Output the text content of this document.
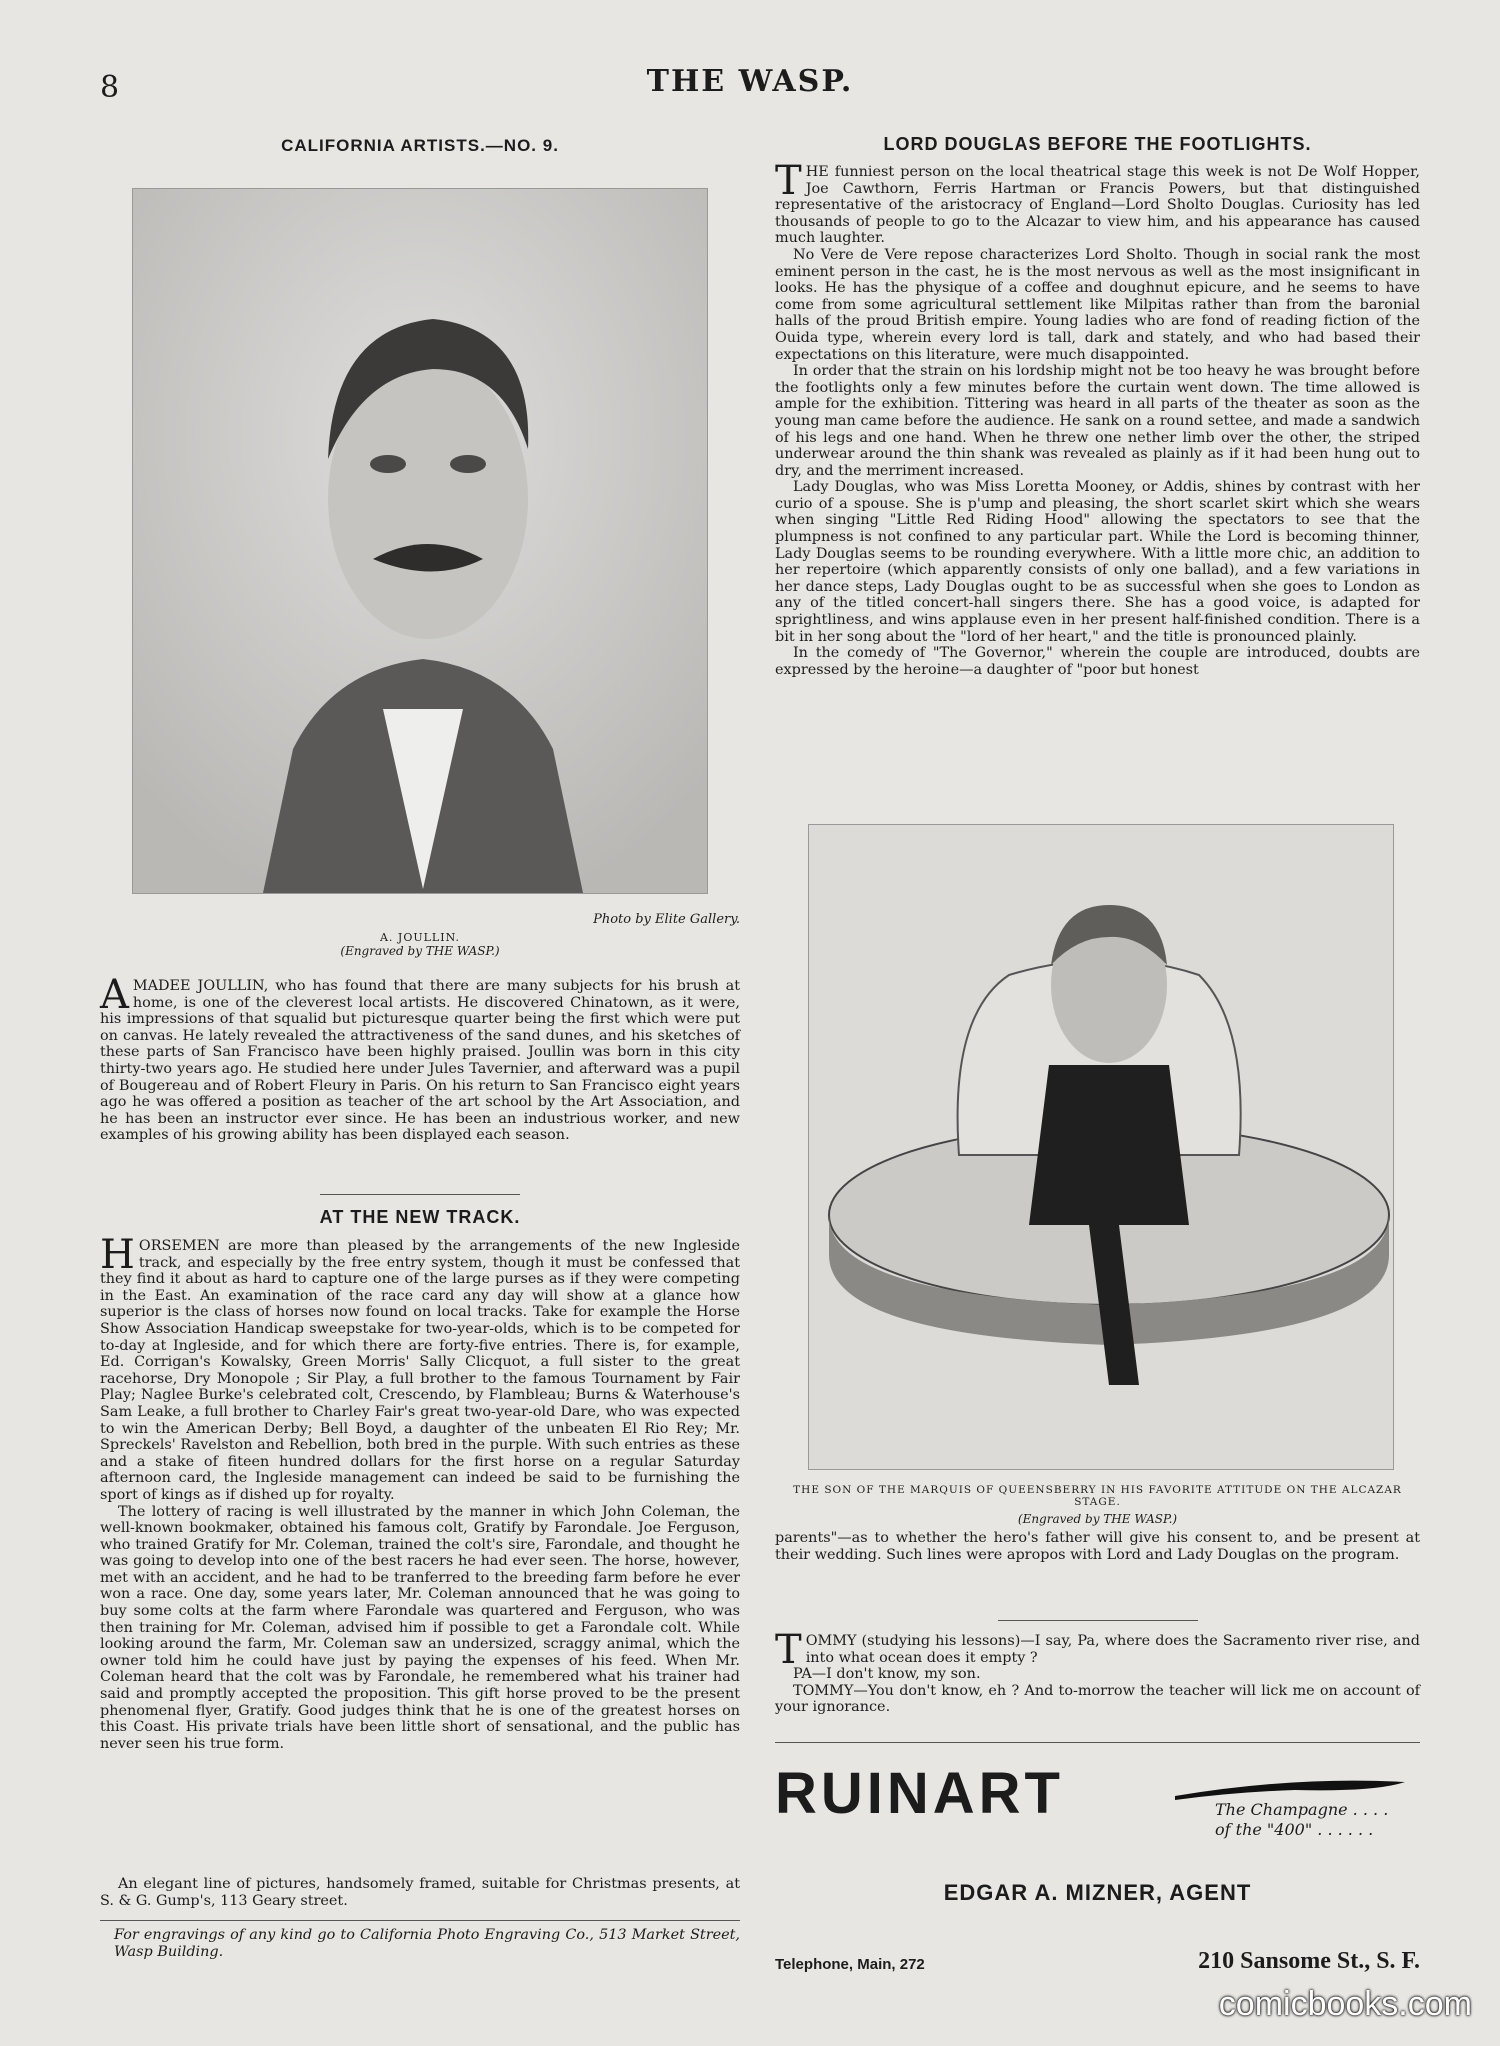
8	THE WASP.
CALIFORNIA ARTISTS.—NO. 9.
Photo by Elite Gallery.
A. JOULLIN.
(Engraved by THE WASP.)

AMADEE JOULLIN, who has found that there are many subjects for his brush at home, is one of the cleverest local artists. He discovered Chinatown, as it were, his impressions of that squalid but picturesque quarter being the first which were put on canvas. He lately revealed the attractiveness of the sand dunes, and his sketches of these parts of San Francisco have been highly praised. Joullin was born in this city thirty-two years ago. He studied here under Jules Tavernier, and afterward was a pupil of Bougereau and of Robert Fleury in Paris. On his return to San Francisco eight years ago he was offered a position as teacher of the art school by the Art Association, and he has been an instructor ever since. He has been an industrious worker, and new examples of his growing ability has been displayed each season.

AT THE NEW TRACK.

HORSEMEN are more than pleased by the arrangements of the new Ingleside track, and especially by the free entry system, though it must be confessed that they find it about as hard to capture one of the large purses as if they were competing in the East. An examination of the race card any day will show at a glance how superior is the class of horses now found on local tracks. Take for example the Horse Show Association Handicap sweepstake for two-year-olds, which is to be competed for to-day at Ingleside, and for which there are forty-five entries. There is, for example, Ed. Corrigan's Kowalsky, Green Morris' Sally Clicquot, a full sister to the great racehorse, Dry Monopole ; Sir Play, a full brother to the famous Tournament by Fair Play; Naglee Burke's celebrated colt, Crescendo, by Flambleau; Burns & Waterhouse's Sam Leake, a full brother to Charley Fair's great two-year-old Dare, who was expected to win the American Derby; Bell Boyd, a daughter of the unbeaten El Rio Rey; Mr. Spreckels' Ravelston and Rebellion, both bred in the purple. With such entries as these and a stake of fiteen hundred dollars for the first horse on a regular Saturday afternoon card, the Ingleside management can indeed be said to be furnishing the sport of kings as if dished up for royalty.

The lottery of racing is well illustrated by the manner in which John Coleman, the well-known bookmaker, obtained his famous colt, Gratify by Farondale. Joe Ferguson, who trained Gratify for Mr. Coleman, trained the colt's sire, Farondale, and thought he was going to develop into one of the best racers he had ever seen. The horse, however, met with an accident, and he had to be tranferred to the breeding farm before he ever won a race. One day, some years later, Mr. Coleman announced that he was going to buy some colts at the farm where Farondale was quartered and Ferguson, who was then training for Mr. Coleman, advised him if possible to get a Farondale colt. While looking around the farm, Mr. Coleman saw an undersized, scraggy animal, which the owner told him he could have just by paying the expenses of his feed. When Mr. Coleman heard that the colt was by Farondale, he remembered what his trainer had said and promptly accepted the proposition. This gift horse proved to be the present phenomenal flyer, Gratify. Good judges think that he is one of the greatest horses on this Coast. His private trials have been little short of sensational, and the public has never seen his true form.

An elegant line of pictures, handsomely framed, suitable for Christmas presents, at S. & G. Gump's, 113 Geary street.

For engravings of any kind go to California Photo Engraving Co., 513 Market Street, Wasp Building.
LORD DOUGLAS BEFORE THE FOOTLIGHTS.

THE funniest person on the local theatrical stage this week is not De Wolf Hopper, Joe Cawthorn, Ferris Hartman or Francis Powers, but that distinguished representative of the aristocracy of England—Lord Sholto Douglas. Curiosity has led thousands of people to go to the Alcazar to view him, and his appearance has caused much laughter.

No Vere de Vere repose characterizes Lord Sholto. Though in social rank the most eminent person in the cast, he is the most nervous as well as the most insignificant in looks. He has the physique of a coffee and doughnut epicure, and he seems to have come from some agricultural settlement like Milpitas rather than from the baronial halls of the proud British empire. Young ladies who are fond of reading fiction of the Ouida type, wherein every lord is tall, dark and stately, and who had based their expectations on this literature, were much disappointed.

In order that the strain on his lordship might not be too heavy he was brought before the footlights only a few minutes before the curtain went down. The time allowed is ample for the exhibition. Tittering was heard in all parts of the theater as soon as the young man came before the audience. He sank on a round settee, and made a sandwich of his legs and one hand. When he threw one nether limb over the other, the striped underwear around the thin shank was revealed as plainly as if it had been hung out to dry, and the merriment increased.

Lady Douglas, who was Miss Loretta Mooney, or Addis, shines by contrast with her curio of a spouse. She is p'ump and pleasing, the short scarlet skirt which she wears when singing "Little Red Riding Hood" allowing the spectators to see that the plumpness is not confined to any particular part. While the Lord is becoming thinner, Lady Douglas seems to be rounding everywhere. With a little more chic, an addition to her repertoire (which apparently consists of only one ballad), and a few variations in her dance steps, Lady Douglas ought to be as successful when she goes to London as any of the titled concert-hall singers there. She has a good voice, is adapted for sprightliness, and wins applause even in her present half-finished condition. There is a bit in her song about the "lord of her heart," and the title is pronounced plainly.

In the comedy of "The Governor," wherein the couple are introduced, doubts are expressed by the heroine—a daughter of "poor but honest

THE SON OF THE MARQUIS OF QUEENSBERRY IN HIS FAVORITE ATTITUDE ON THE ALCAZAR STAGE.
(Engraved by THE WASP.)

parents"—as to whether the hero's father will give his consent to, and be present at their wedding. Such lines were apropos with Lord and Lady Douglas on the program.

TOMMY (studying his lessons)—I say, Pa, where does the Sacramento river rise, and into what ocean does it empty ?

PA—I don't know, my son.

TOMMY—You don't know, eh ? And to-morrow the teacher will lick me on account of your ignorance.

RUINART	The Champagne . . . .
of the "400" . . . . . .
EDGAR A. MIZNER, AGENT
Telephone, Main, 272	210 Sansome St., S. F.
comicbooks.com
